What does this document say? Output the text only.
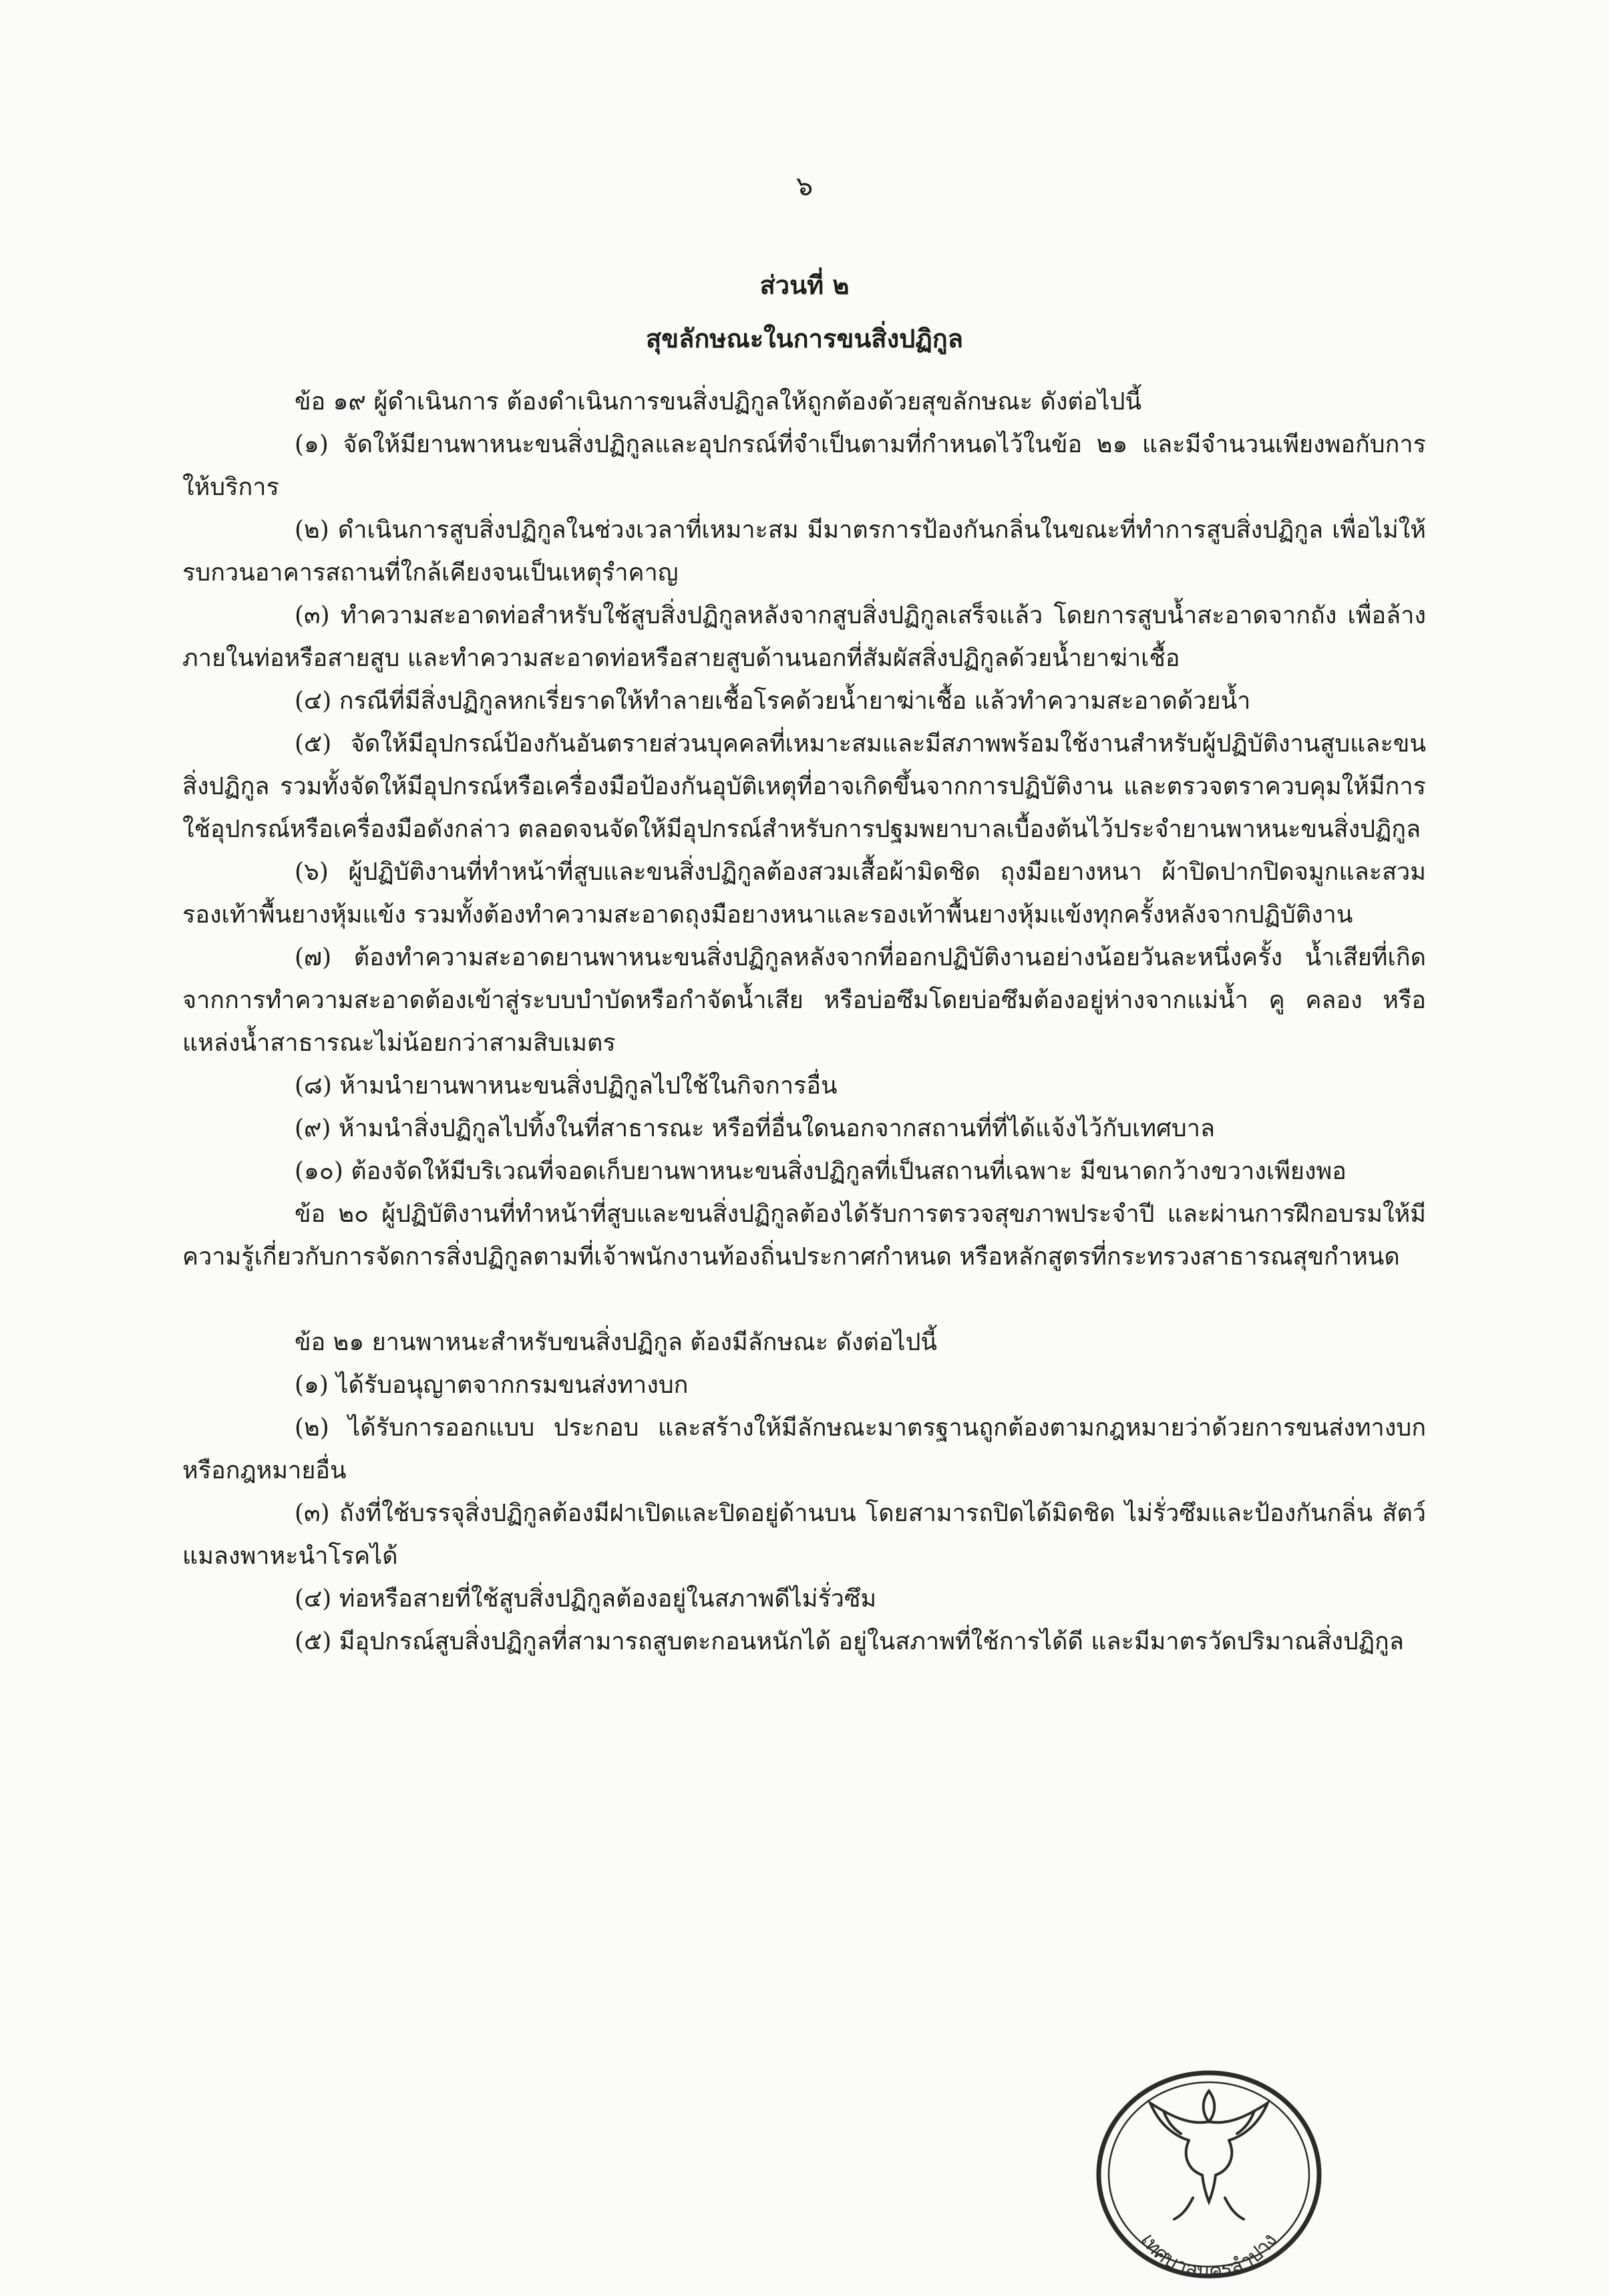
๖
ส่วนที่ ๒
สุขลักษณะในการขนสิ่งปฏิกูล

ข้อ ๑๙ ผู้ดำเนินการ ต้องดำเนินการขนสิ่งปฏิกูลให้ถูกต้องด้วยสุขลักษณะ ดังต่อไปนี้

(๑) จัดให้มียานพาหนะขนสิ่งปฏิกูลและอุปกรณ์ที่จำเป็นตามที่กำหนดไว้ในข้อ ๒๑ และมีจำนวนเพียงพอกับการให้บริการ

(๒) ดำเนินการสูบสิ่งปฏิกูลในช่วงเวลาที่เหมาะสม มีมาตรการป้องกันกลิ่นในขณะที่ทำการสูบสิ่งปฏิกูล เพื่อไม่ให้รบกวนอาคารสถานที่ใกล้เคียงจนเป็นเหตุรำคาญ

(๓) ทำความสะอาดท่อสำหรับใช้สูบสิ่งปฏิกูลหลังจากสูบสิ่งปฏิกูลเสร็จแล้ว โดยการสูบน้ำสะอาดจากถัง เพื่อล้างภายในท่อหรือสายสูบ และทำความสะอาดท่อหรือสายสูบด้านนอกที่สัมผัสสิ่งปฏิกูลด้วยน้ำยาฆ่าเชื้อ

(๔) กรณีที่มีสิ่งปฏิกูลหกเรี่ยราดให้ทำลายเชื้อโรคด้วยน้ำยาฆ่าเชื้อ แล้วทำความสะอาดด้วยน้ำ

(๕) จัดให้มีอุปกรณ์ป้องกันอันตรายส่วนบุคคลที่เหมาะสมและมีสภาพพร้อมใช้งานสำหรับผู้ปฏิบัติงานสูบและขนสิ่งปฏิกูล รวมทั้งจัดให้มีอุปกรณ์หรือเครื่องมือป้องกันอุบัติเหตุที่อาจเกิดขึ้นจากการปฏิบัติงาน และตรวจตราควบคุมให้มีการใช้อุปกรณ์หรือเครื่องมือดังกล่าว ตลอดจนจัดให้มีอุปกรณ์สำหรับการปฐมพยาบาลเบื้องต้นไว้ประจำยานพาหนะขนสิ่งปฏิกูล

(๖) ผู้ปฏิบัติงานที่ทำหน้าที่สูบและขนสิ่งปฏิกูลต้องสวมเสื้อผ้ามิดชิด ถุงมือยางหนา ผ้าปิดปากปิดจมูกและสวมรองเท้าพื้นยางหุ้มแข้ง รวมทั้งต้องทำความสะอาดถุงมือยางหนาและรองเท้าพื้นยางหุ้มแข้งทุกครั้งหลังจากปฏิบัติงาน

(๗) ต้องทำความสะอาดยานพาหนะขนสิ่งปฏิกูลหลังจากที่ออกปฏิบัติงานอย่างน้อยวันละหนึ่งครั้ง น้ำเสียที่เกิดจากการทำความสะอาดต้องเข้าสู่ระบบบำบัดหรือกำจัดน้ำเสีย หรือบ่อซึมโดยบ่อซึมต้องอยู่ห่างจากแม่น้ำ คู คลอง หรือแหล่งน้ำสาธารณะไม่น้อยกว่าสามสิบเมตร

(๘) ห้ามนำยานพาหนะขนสิ่งปฏิกูลไปใช้ในกิจการอื่น

(๙) ห้ามนำสิ่งปฏิกูลไปทิ้งในที่สาธารณะ หรือที่อื่นใดนอกจากสถานที่ที่ได้แจ้งไว้กับเทศบาล

(๑๐) ต้องจัดให้มีบริเวณที่จอดเก็บยานพาหนะขนสิ่งปฏิกูลที่เป็นสถานที่เฉพาะ มีขนาดกว้างขวางเพียงพอ

ข้อ ๒๐ ผู้ปฏิบัติงานที่ทำหน้าที่สูบและขนสิ่งปฏิกูลต้องได้รับการตรวจสุขภาพประจำปี และผ่านการฝึกอบรมให้มีความรู้เกี่ยวกับการจัดการสิ่งปฏิกูลตามที่เจ้าพนักงานท้องถิ่นประกาศกำหนด หรือหลักสูตรที่กระทรวงสาธารณสุขกำหนด

ข้อ ๒๑ ยานพาหนะสำหรับขนสิ่งปฏิกูล ต้องมีลักษณะ ดังต่อไปนี้

(๑) ได้รับอนุญาตจากกรมขนส่งทางบก

(๒) ได้รับการออกแบบ ประกอบ และสร้างให้มีลักษณะมาตรฐานถูกต้องตามกฎหมายว่าด้วยการขนส่งทางบกหรือกฎหมายอื่น

(๓) ถังที่ใช้บรรจุสิ่งปฏิกูลต้องมีฝาเปิดและปิดอยู่ด้านบน โดยสามารถปิดได้มิดชิด ไม่รั่วซึมและป้องกันกลิ่น สัตว์ แมลงพาหะนำโรคได้

(๔) ท่อหรือสายที่ใช้สูบสิ่งปฏิกูลต้องอยู่ในสภาพดีไม่รั่วซึม

(๕) มีอุปกรณ์สูบสิ่งปฏิกูลที่สามารถสูบตะกอนหนักได้ อยู่ในสภาพที่ใช้การได้ดี และมีมาตรวัดปริมาณสิ่งปฏิกูล

เทศบาลนครลำปาง
